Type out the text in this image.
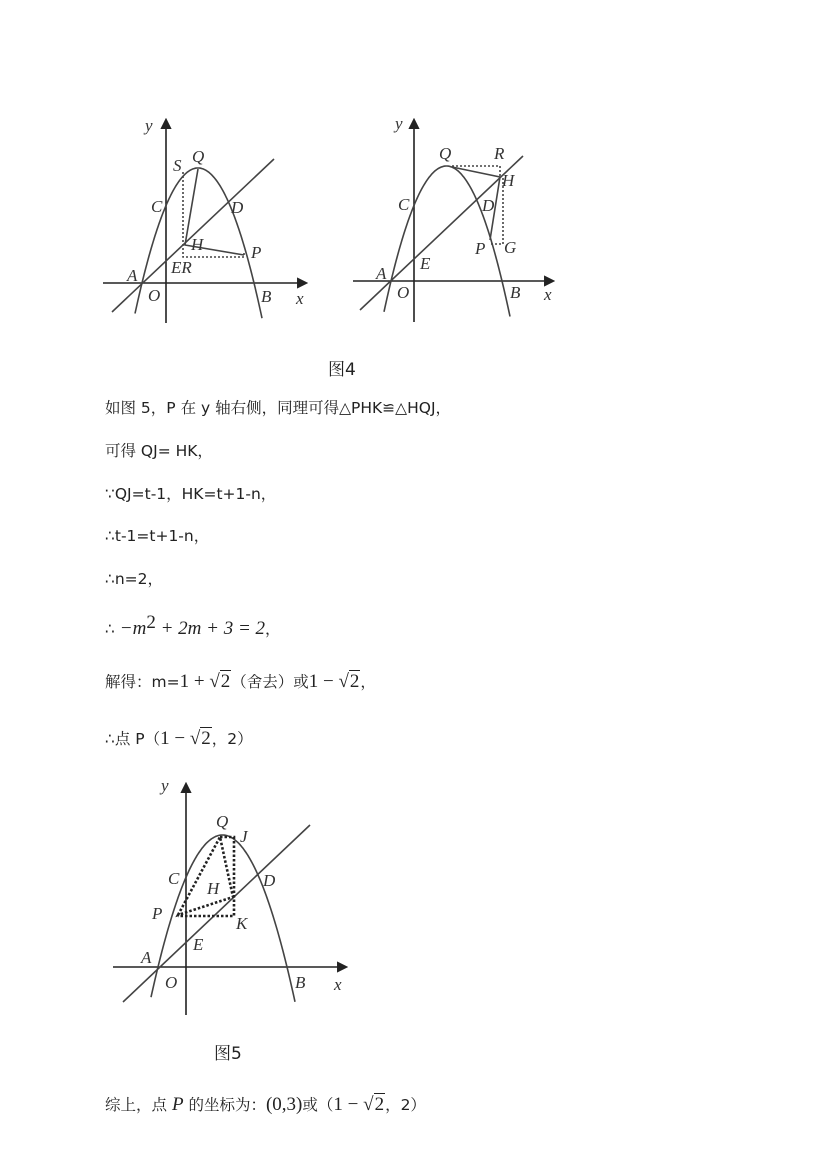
y
S Q
C	D
H	P
ER
A
O	B x
y
Q	R
H
C	D
P G
E
A
O	B x
y
Q
J
C	D
H
P
K
E
A
O	B x
图4
如图 5，P 在 y 轴右侧，同理可得△PHK≌△HQJ，
可得 QJ= HK，
∵QJ=t-1，HK=t+1-n，
∴t-1=t+1-n，
∴n=2，
∴ $-m^2 + 2m + 3 = 2$，
解得：m=1 + √2（舍去）或1 − √2，
∴点 P（1 − √2，2）
图5
综上，点 P 的坐标为：(0,3)或（1 − √2，2）
